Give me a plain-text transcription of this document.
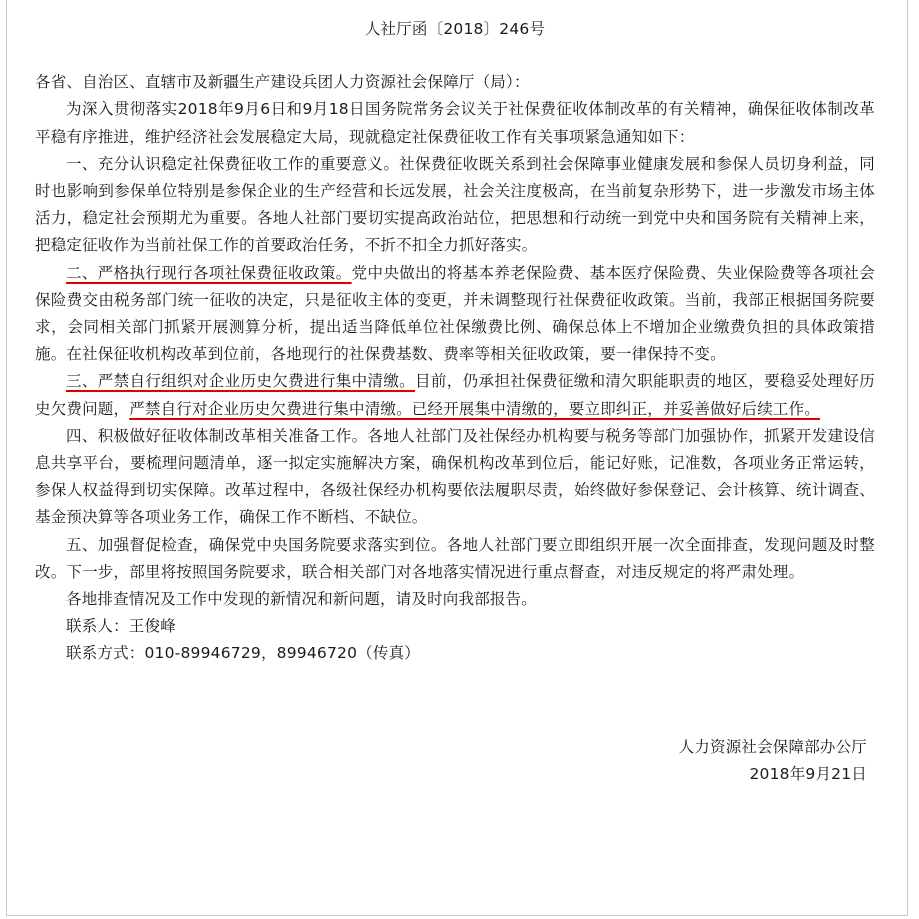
人社厅函〔2018〕246号

各省、自治区、直辖市及新疆生产建设兵团人力资源社会保障厅（局）：

为深入贯彻落实2018年9月6日和9月18日国务院常务会议关于社保费征收体制改革的有关精神，确保征收体制改革平稳有序推进，维护经济社会发展稳定大局，现就稳定社保费征收工作有关事项紧急通知如下：

一、充分认识稳定社保费征收工作的重要意义。社保费征收既关系到社会保障事业健康发展和参保人员切身利益，同时也影响到参保单位特别是参保企业的生产经营和长远发展，社会关注度极高，在当前复杂形势下，进一步激发市场主体活力，稳定社会预期尤为重要。各地人社部门要切实提高政治站位，把思想和行动统一到党中央和国务院有关精神上来，把稳定征收作为当前社保工作的首要政治任务，不折不扣全力抓好落实。

二、严格执行现行各项社保费征收政策。党中央做出的将基本养老保险费、基本医疗保险费、失业保险费等各项社会保险费交由税务部门统一征收的决定，只是征收主体的变更，并未调整现行社保费征收政策。当前，我部正根据国务院要求，会同相关部门抓紧开展测算分析，提出适当降低单位社保缴费比例、确保总体上不增加企业缴费负担的具体政策措施。在社保征收机构改革到位前，各地现行的社保费基数、费率等相关征收政策，要一律保持不变。

三、严禁自行组织对企业历史欠费进行集中清缴。目前，仍承担社保费征缴和清欠职能职责的地区，要稳妥处理好历史欠费问题，严禁自行对企业历史欠费进行集中清缴。已经开展集中清缴的，要立即纠正，并妥善做好后续工作。

四、积极做好征收体制改革相关准备工作。各地人社部门及社保经办机构要与税务等部门加强协作，抓紧开发建设信息共享平台，要梳理问题清单，逐一拟定实施解决方案，确保机构改革到位后，能记好账，记准数，各项业务正常运转，参保人权益得到切实保障。改革过程中，各级社保经办机构要依法履职尽责，始终做好参保登记、会计核算、统计调查、基金预决算等各项业务工作，确保工作不断档、不缺位。

五、加强督促检查，确保党中央国务院要求落实到位。各地人社部门要立即组织开展一次全面排查，发现问题及时整改。下一步，部里将按照国务院要求，联合相关部门对各地落实情况进行重点督查，对违反规定的将严肃处理。

各地排查情况及工作中发现的新情况和新问题，请及时向我部报告。

联系人：王俊峰

联系方式：010-89946729，89946720（传真）

人力资源社会保障部办公厅

2018年9月21日
